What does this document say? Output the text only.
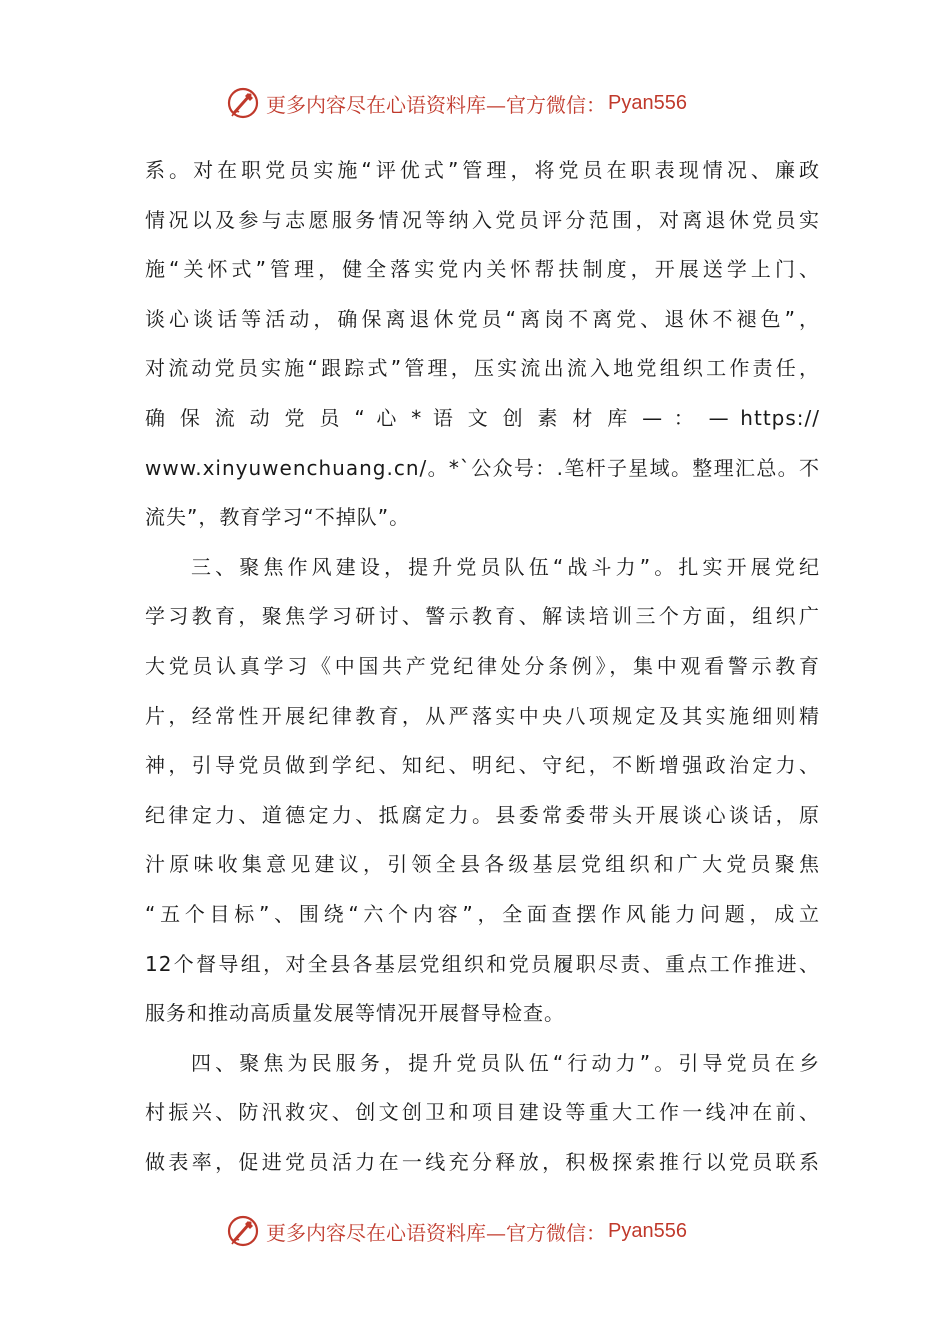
更多内容尽在心语资料库—官方微信： Pyan556
系。对在职党员实施“评优式”管理，将党员在职表现情况、廉政
情况以及参与志愿服务情况等纳入党员评分范围，对离退休党员实
施“关怀式”管理，健全落实党内关怀帮扶制度，开展送学上门、
谈心谈话等活动，确保离退休党员“离岗不离党、退休不褪色”，
对流动党员实施“跟踪式”管理，压实流出流入地党组织工作责任，
确 保 流 动 党 员 “ 心 * 语 文 创 素 材 库 — ： — https://
www.xinyuwenchuang.cn/。*`公众号：.笔杆子星域。整理汇总。不
流失”，教育学习“不掉队”。
三、聚焦作风建设，提升党员队伍“战斗力”。扎实开展党纪
学习教育，聚焦学习研讨、警示教育、解读培训三个方面，组织广
大党员认真学习《中国共产党纪律处分条例》，集中观看警示教育
片，经常性开展纪律教育，从严落实中央八项规定及其实施细则精
神，引导党员做到学纪、知纪、明纪、守纪，不断增强政治定力、
纪律定力、道德定力、抵腐定力。县委常委带头开展谈心谈话，原
汁原味收集意见建议，引领全县各级基层党组织和广大党员聚焦
“五个目标”、围绕“六个内容”，全面查摆作风能力问题，成立
12个督导组，对全县各基层党组织和党员履职尽责、重点工作推进、
服务和推动高质量发展等情况开展督导检查。
四、聚焦为民服务，提升党员队伍“行动力”。引导党员在乡
村振兴、防汛救灾、创文创卫和项目建设等重大工作一线冲在前、
做表率，促进党员活力在一线充分释放，积极探索推行以党员联系
更多内容尽在心语资料库—官方微信： Pyan556
